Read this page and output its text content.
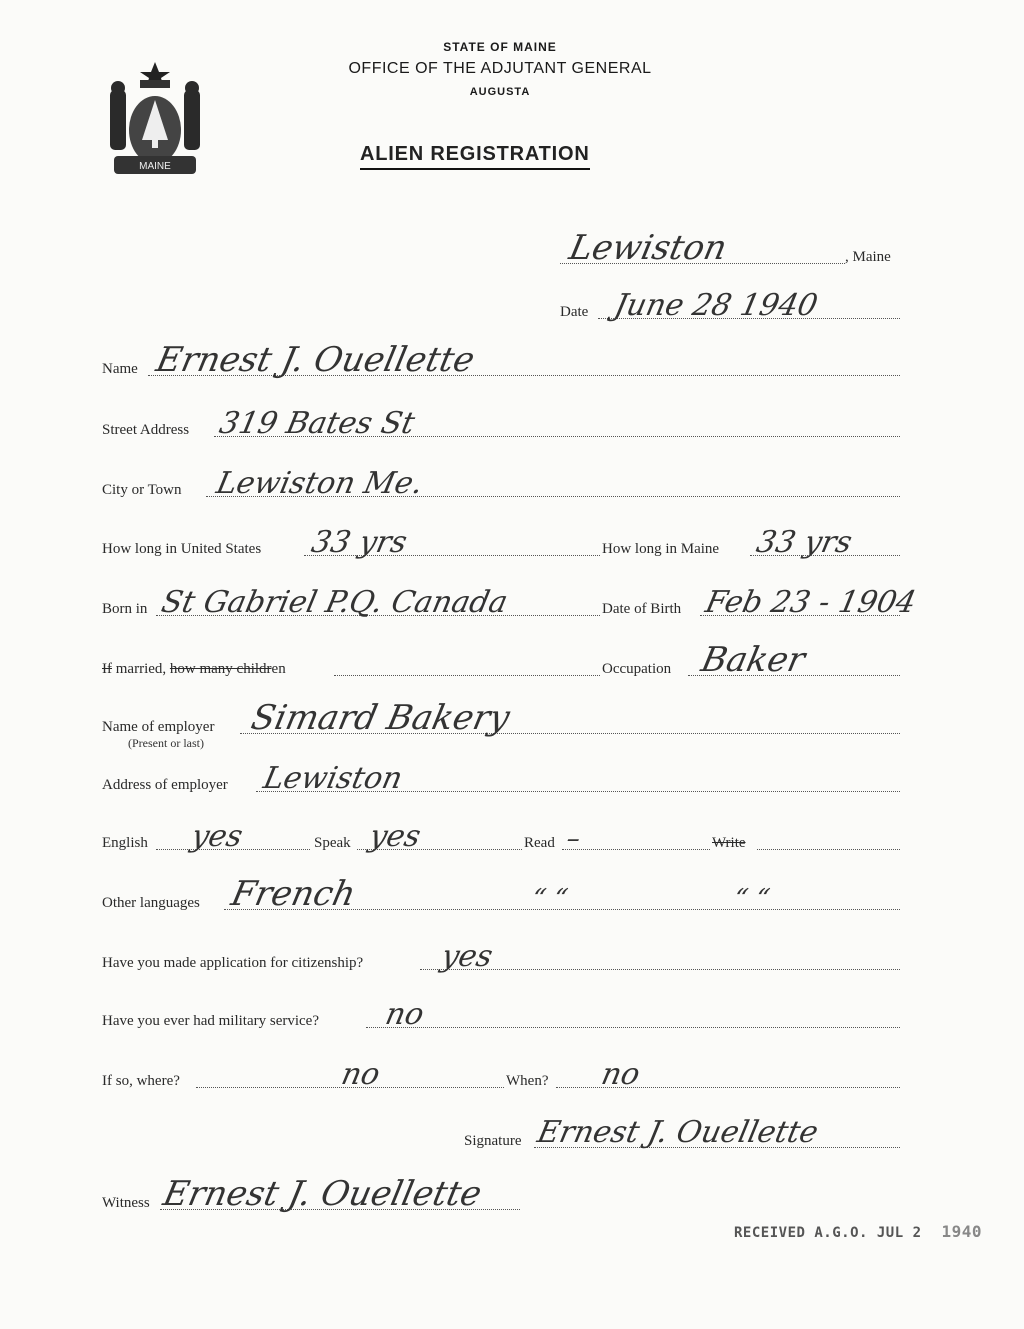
MAINE
STATE OF MAINE
OFFICE OF THE ADJUTANT GENERAL
AUGUSTA
ALIEN REGISTRATION
Lewiston	, Maine
Date June 28 1940
Name Ernest J. Ouellette
Street Address 319 Bates St
City or Town Lewiston Me.
How long in United States 33 yrs	How long in Maine 33 yrs
Born in St Gabriel P.Q. Canada	Date of Birth Feb 23 - 1904
If married, how many children	Occupation Baker
Name of employer Simard Bakery
(Present or last)
Address of employer Lewiston
English yes	Speak yes	Read –	Write
Other languages French	“ “	“ “
Have you made application for citizenship?	yes
Have you ever had military service? no
If so, where?	no	When? no
Signature Ernest J. Ouellette
Witness Ernest J. Ouellette
RECEIVED A.G.O. JUL 2 1940
